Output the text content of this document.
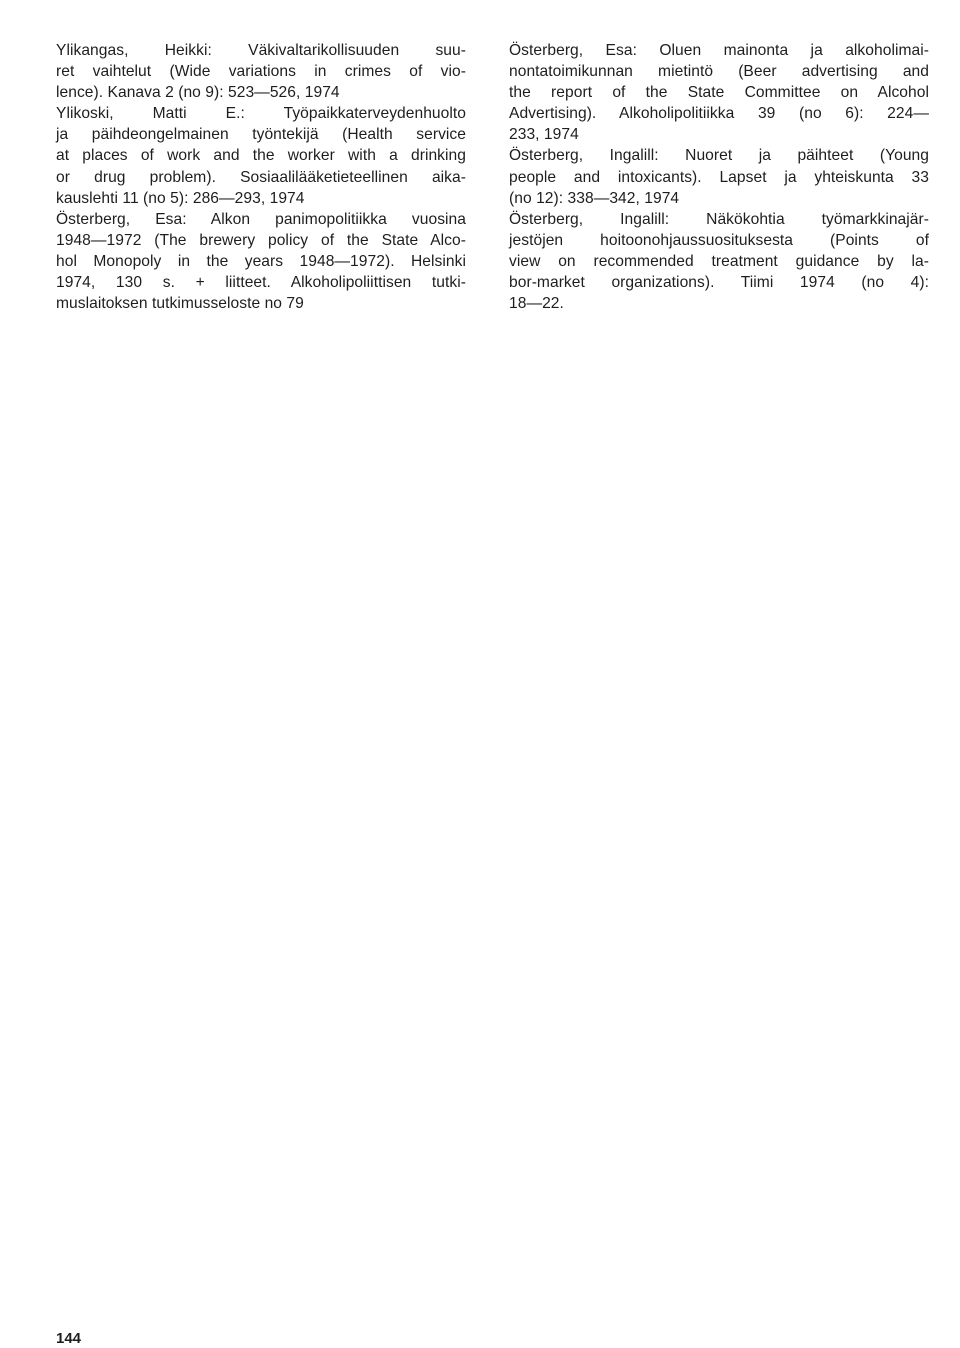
Ylikangas, Heikki: Väkivaltarikollisuuden suu-
ret vaihtelut (Wide variations in crimes of vio-
lence). Kanava 2 (no 9): 523—526, 1974
Ylikoski, Matti E.: Työpaikkaterveydenhuolto
ja päihdeongelmainen työntekijä (Health service
at places of work and the worker with a drinking
or drug problem). Sosiaalilääketieteellinen aika-
kauslehti 11 (no 5): 286—293, 1974
Österberg, Esa: Alkon panimopolitiikka vuosina
1948—1972 (The brewery policy of the State Alco-
hol Monopoly in the years 1948—1972). Helsinki
1974, 130 s. + liitteet. Alkoholipoliittisen tutki-
muslaitoksen tutkimusseloste no 79
Österberg, Esa: Oluen mainonta ja alkoholimai-
nontatoimikunnan mietintö (Beer advertising and
the report of the State Committee on Alcohol
Advertising). Alkoholipolitiikka 39 (no 6): 224—
233, 1974
Österberg, Ingalill: Nuoret ja päihteet (Young
people and intoxicants). Lapset ja yhteiskunta 33
(no 12): 338—342, 1974
Österberg, Ingalill: Näkökohtia työmarkkinajär-
jestöjen hoitoonohjaussuosituksesta (Points of
view on recommended treatment guidance by la-
bor-market organizations). Tiimi 1974 (no 4):
18—22.
144
